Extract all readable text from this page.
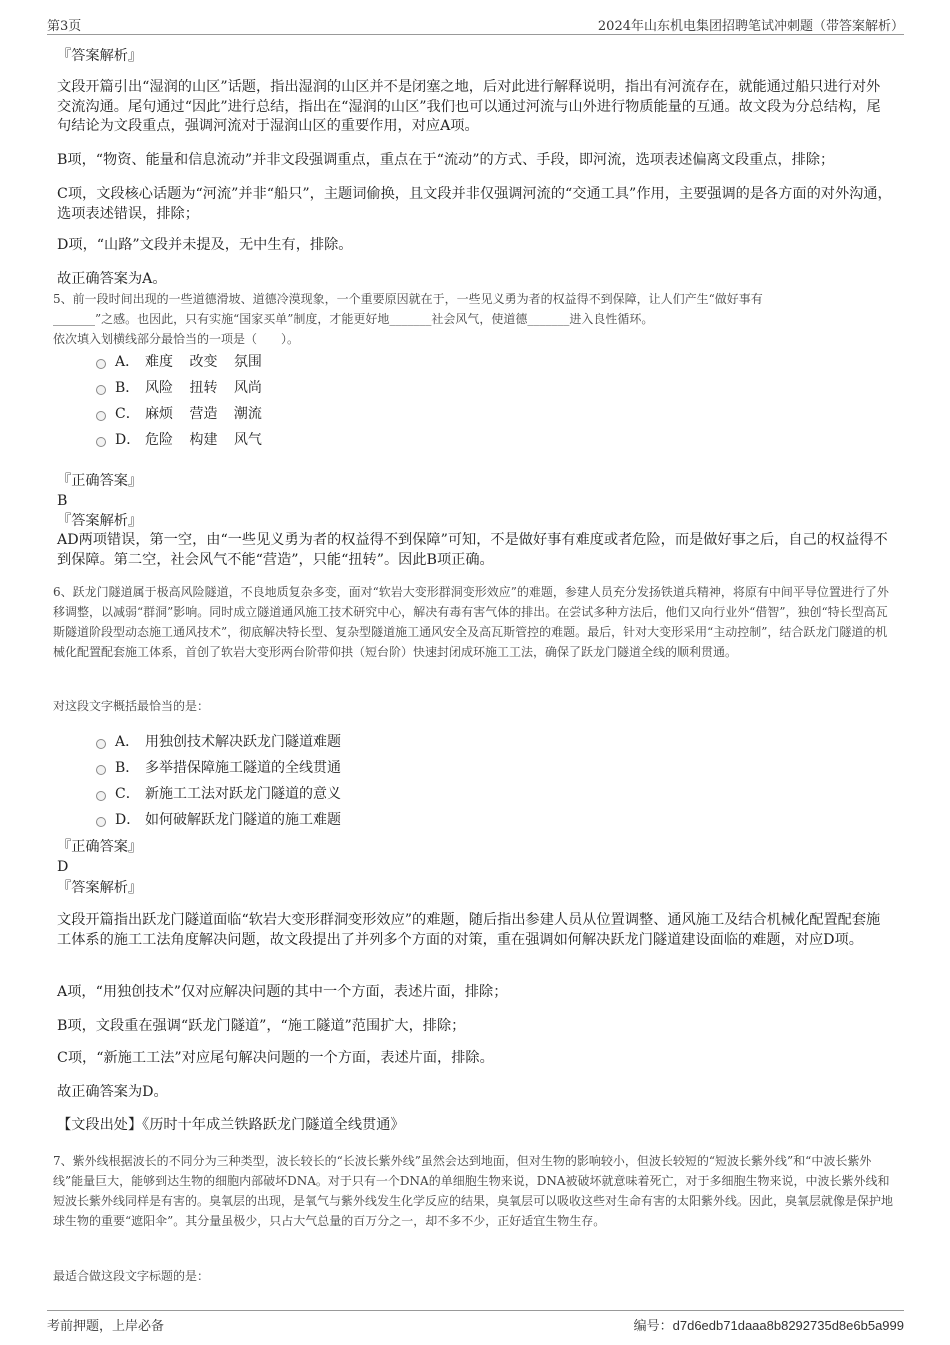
第3页	2024年山东机电集团招聘笔试冲刺题（带答案解析）

『答案解析』

文段开篇引出“湿润的山区”话题，指出湿润的山区并不是闭塞之地，后对此进行解释说明，指出有河流存在，就能通过船只进行对外交流沟通。尾句通过“因此”进行总结，指出在“湿润的山区”我们也可以通过河流与山外进行物质能量的互通。故文段为分总结构，尾句结论为文段重点，强调河流对于湿润山区的重要作用，对应A项。

B项，“物资、能量和信息流动”并非文段强调重点，重点在于“流动”的方式、手段，即河流，选项表述偏离文段重点，排除；

C项，文段核心话题为“河流”并非“船只”，主题词偷换，且文段并非仅强调河流的“交通工具”作用，主要强调的是各方面的对外沟通，选项表述错误，排除；

D项，“山路”文段并未提及，无中生有，排除。

故正确答案为A。

5、前一段时间出现的一些道德滑坡、道德冷漠现象，一个重要原因就在于，一些见义勇为者的权益得不到保障，让人们产生“做好事有

_______”之感。也因此，只有实施“国家买单”制度，才能更好地_______社会风气，使道德_______进入良性循环。

依次填入划横线部分最恰当的一项是（　　）。

A． 难度 改变 氛围
B． 风险 扭转 风尚
C． 麻烦 营造 潮流
D． 危险 构建 风气

『正确答案』

B

『答案解析』

AD两项错误，第一空，由“一些见义勇为者的权益得不到保障”可知，不是做好事有难度或者危险，而是做好事之后，自己的权益得不到保障。第二空，社会风气不能“营造”，只能“扭转”。因此B项正确。

6、跃龙门隧道属于极高风险隧道，不良地质复杂多变，面对“软岩大变形群洞变形效应”的难题，参建人员充分发扬铁道兵精神，将原有中间平导位置进行了外移调整，以减弱“群洞”影响。同时成立隧道通风施工技术研究中心，解决有毒有害气体的排出。在尝试多种方法后，他们又向行业外“借智”，独创“特长型高瓦斯隧道阶段型动态施工通风技术”，彻底解决特长型、复杂型隧道施工通风安全及高瓦斯管控的难题。最后，针对大变形采用“主动控制”，结合跃龙门隧道的机械化配置配套施工体系，首创了软岩大变形两台阶带仰拱（短台阶）快速封闭成环施工工法，确保了跃龙门隧道全线的顺利贯通。

对这段文字概括最恰当的是：

A． 用独创技术解决跃龙门隧道难题
B． 多举措保障施工隧道的全线贯通
C． 新施工工法对跃龙门隧道的意义
D． 如何破解跃龙门隧道的施工难题

『正确答案』

D

『答案解析』

文段开篇指出跃龙门隧道面临“软岩大变形群洞变形效应”的难题，随后指出参建人员从位置调整、通风施工及结合机械化配置配套施工体系的施工工法角度解决问题，故文段提出了并列多个方面的对策，重在强调如何解决跃龙门隧道建设面临的难题，对应D项。

A项，“用独创技术”仅对应解决问题的其中一个方面，表述片面，排除；

B项，文段重在强调“跃龙门隧道”，“施工隧道”范围扩大，排除；

C项，“新施工工法”对应尾句解决问题的一个方面，表述片面，排除。

故正确答案为D。

【文段出处】《历时十年成兰铁路跃龙门隧道全线贯通》

7、紫外线根据波长的不同分为三种类型，波长较长的“长波长紫外线”虽然会达到地面，但对生物的影响较小，但波长较短的“短波长紫外线”和“中波长紫外线”能量巨大，能够到达生物的细胞内部破坏DNA。对于只有一个DNA的单细胞生物来说，DNA被破坏就意味着死亡，对于多细胞生物来说，中波长紫外线和短波长紫外线同样是有害的。臭氧层的出现，是氧气与紫外线发生化学反应的结果，臭氧层可以吸收这些对生命有害的太阳紫外线。因此，臭氧层就像是保护地球生物的重要“遮阳伞”。其分量虽极少，只占大气总量的百万分之一，却不多不少，正好适宜生物生存。

最适合做这段文字标题的是：

考前押题，上岸必备	编号：d7d6edb71daaa8b8292735d8e6b5a999
